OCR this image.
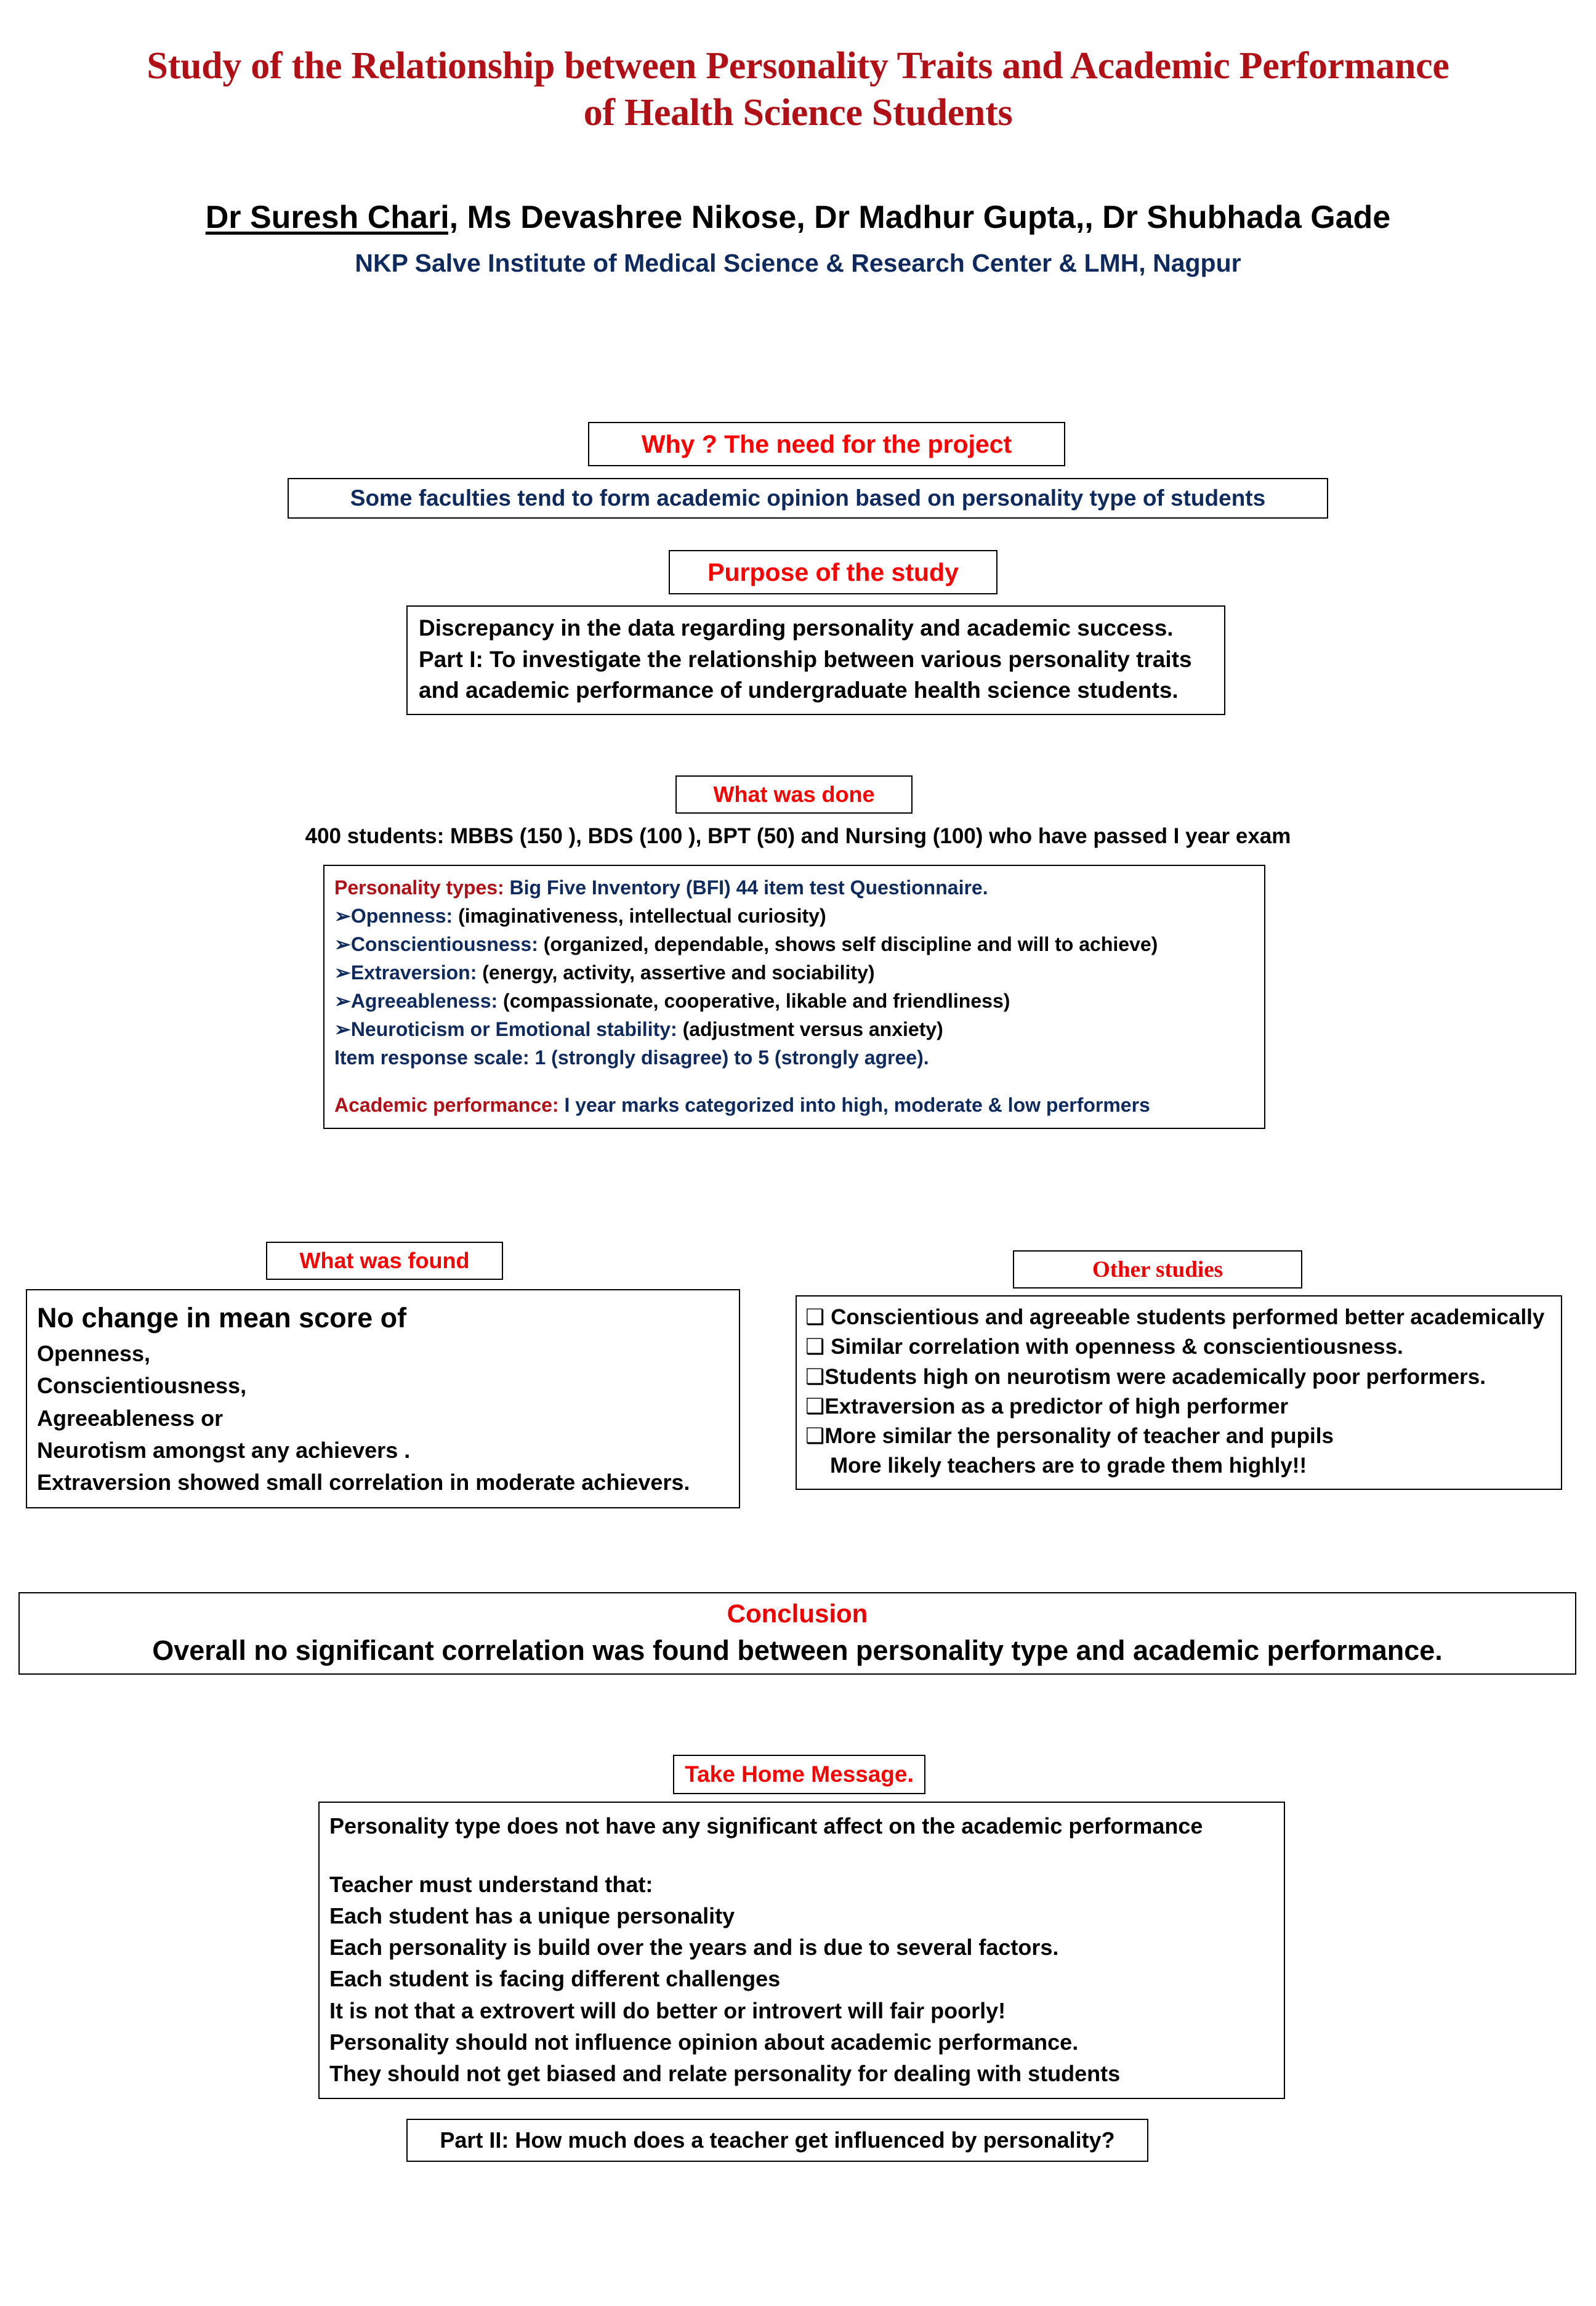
Study of the Relationship between Personality Traits and Academic Performance
of Health Science Students
Dr Suresh Chari, Ms Devashree Nikose, Dr Madhur Gupta,, Dr Shubhada Gade
NKP Salve Institute of Medical Science & Research Center & LMH, Nagpur
Why ? The need for the project
Some faculties tend to form academic opinion based on personality type of students
Purpose of the study
Discrepancy in the data regarding personality and academic success.
Part I: To investigate the relationship between various personality traits
and academic performance of undergraduate health science students.
What was done
400 students: MBBS (150 ), BDS (100 ), BPT (50) and Nursing (100) who have passed I year exam
Personality types: Big Five Inventory (BFI) 44 item test Questionnaire.
➢Openness: (imaginativeness, intellectual curiosity)
➢Conscientiousness: (organized, dependable, shows self discipline and will to achieve)
➢Extraversion: (energy, activity, assertive and sociability)
➢Agreeableness: (compassionate, cooperative, likable and friendliness)
➢Neuroticism or Emotional stability: (adjustment versus anxiety)
Item response scale: 1 (strongly disagree) to 5 (strongly agree).
Academic performance: I year marks categorized into high, moderate & low performers
What was found
No change in mean score of
Openness,
Conscientiousness,
Agreeableness or
Neurotism amongst any achievers .
Extraversion showed small correlation in moderate achievers.
Other studies
❑ Conscientious and agreeable students performed better academically
❑ Similar correlation with openness & conscientiousness.
❑Students high on neurotism were academically poor performers.
❑Extraversion as a predictor of high performer
❑More similar the personality of teacher and pupils
More likely teachers are to grade them highly!!
Conclusion
Overall no significant correlation was found between personality type and academic performance.
Take Home Message.
Personality type does not have any significant affect on the academic performance
Teacher must understand that:
Each student has a unique personality
Each personality is build over the years and is due to several factors.
Each student is facing different challenges
It is not that a extrovert will do better or introvert will fair poorly!
Personality should not influence opinion about academic performance.
They should not get biased and relate personality for dealing with students
Part II: How much does a teacher get influenced by personality?
